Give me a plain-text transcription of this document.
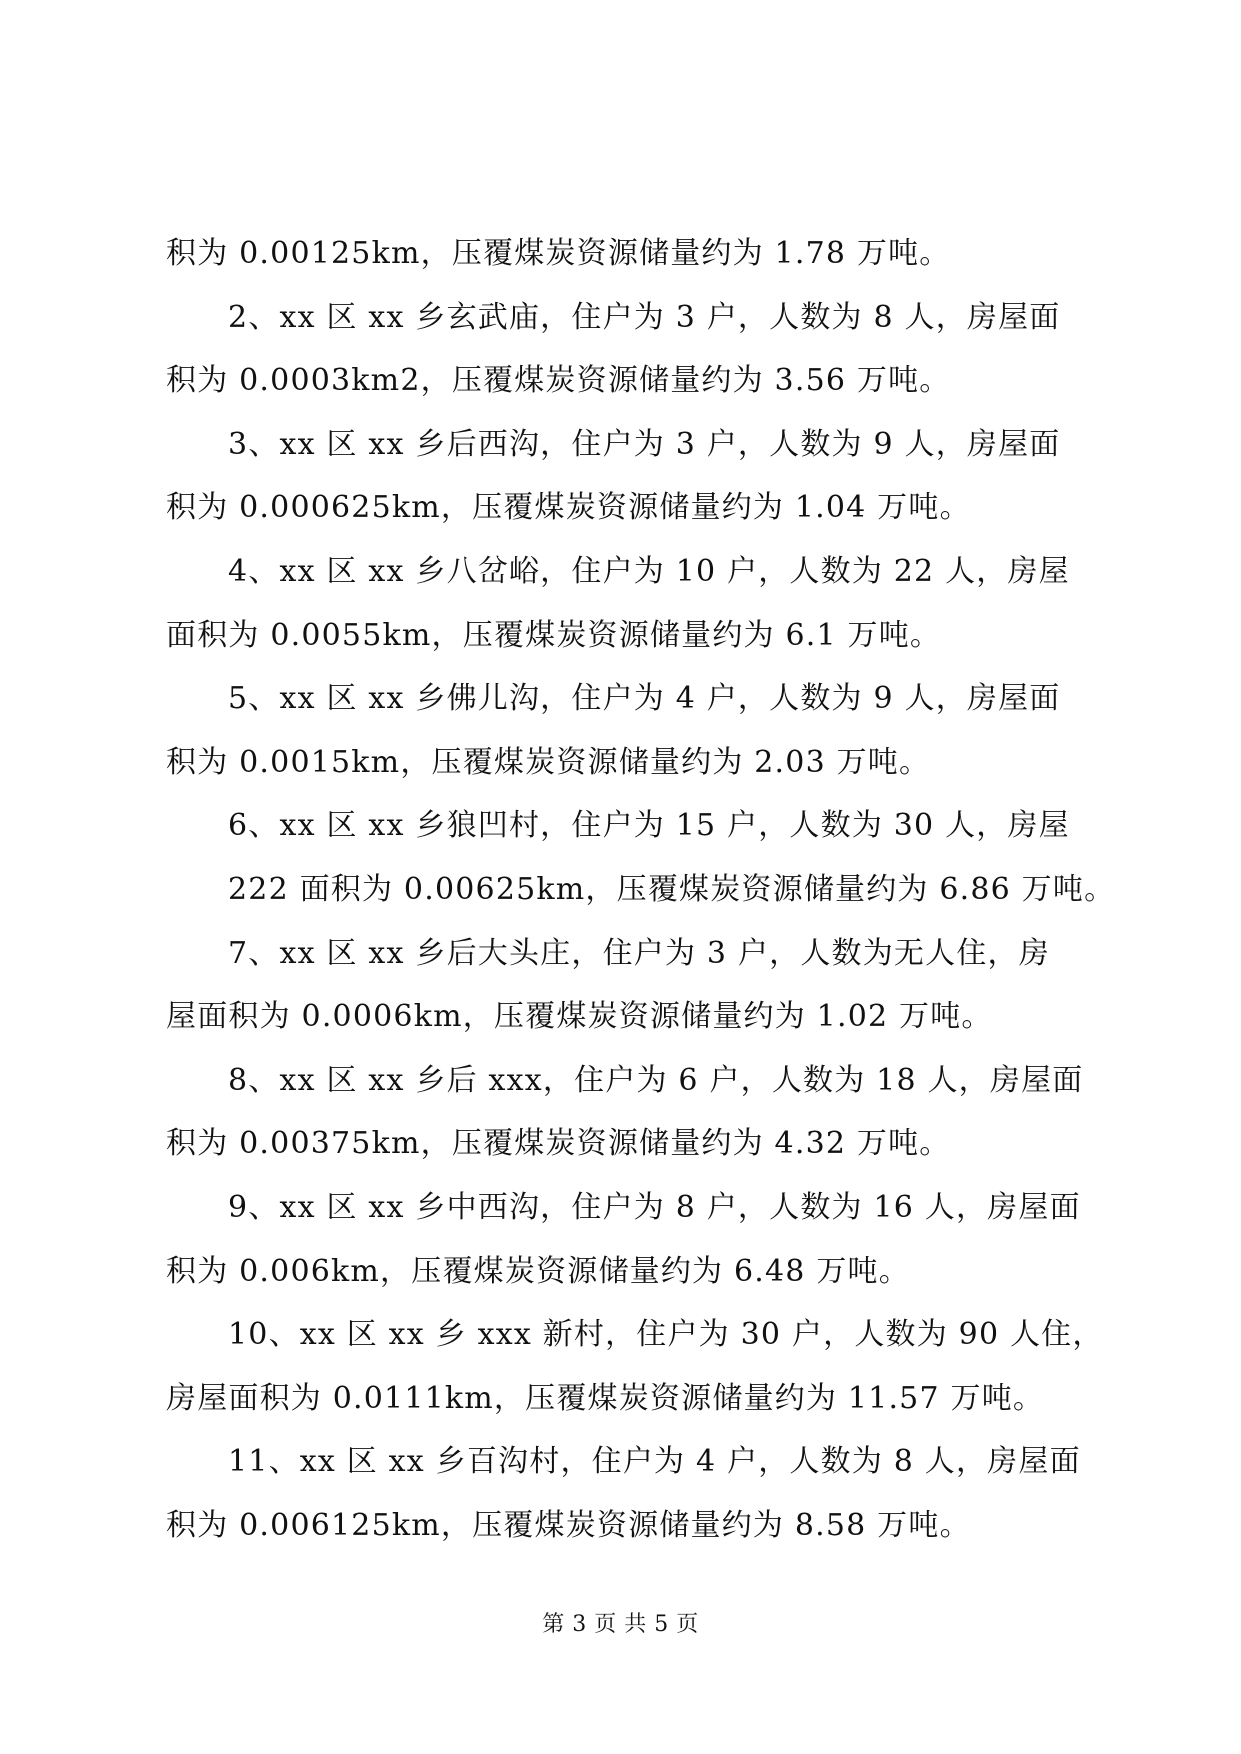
积为 0.00125km，压覆煤炭资源储量约为 1.78 万吨。
2、xx 区 xx 乡玄武庙，住户为 3 户，人数为 8 人，房屋面
积为 0.0003km2，压覆煤炭资源储量约为 3.56 万吨。
3、xx 区 xx 乡后西沟，住户为 3 户，人数为 9 人，房屋面
积为 0.000625km，压覆煤炭资源储量约为 1.04 万吨。
4、xx 区 xx 乡八岔峪，住户为 10 户，人数为 22 人，房屋
面积为 0.0055km，压覆煤炭资源储量约为 6.1 万吨。
5、xx 区 xx 乡佛儿沟，住户为 4 户，人数为 9 人，房屋面
积为 0.0015km，压覆煤炭资源储量约为 2.03 万吨。
6、xx 区 xx 乡狼凹村，住户为 15 户，人数为 30 人，房屋
222 面积为 0.00625km，压覆煤炭资源储量约为 6.86 万吨。
7、xx 区 xx 乡后大头庄，住户为 3 户，人数为无人住，房
屋面积为 0.0006km，压覆煤炭资源储量约为 1.02 万吨。
8、xx 区 xx 乡后 xxx，住户为 6 户，人数为 18 人，房屋面
积为 0.00375km，压覆煤炭资源储量约为 4.32 万吨。
9、xx 区 xx 乡中西沟，住户为 8 户，人数为 16 人，房屋面
积为 0.006km，压覆煤炭资源储量约为 6.48 万吨。
10、xx 区 xx 乡 xxx 新村，住户为 30 户，人数为 90 人住，
房屋面积为 0.0111km，压覆煤炭资源储量约为 11.57 万吨。
11、xx 区 xx 乡百沟村，住户为 4 户，人数为 8 人，房屋面
积为 0.006125km，压覆煤炭资源储量约为 8.58 万吨。
第 3 页 共 5 页
